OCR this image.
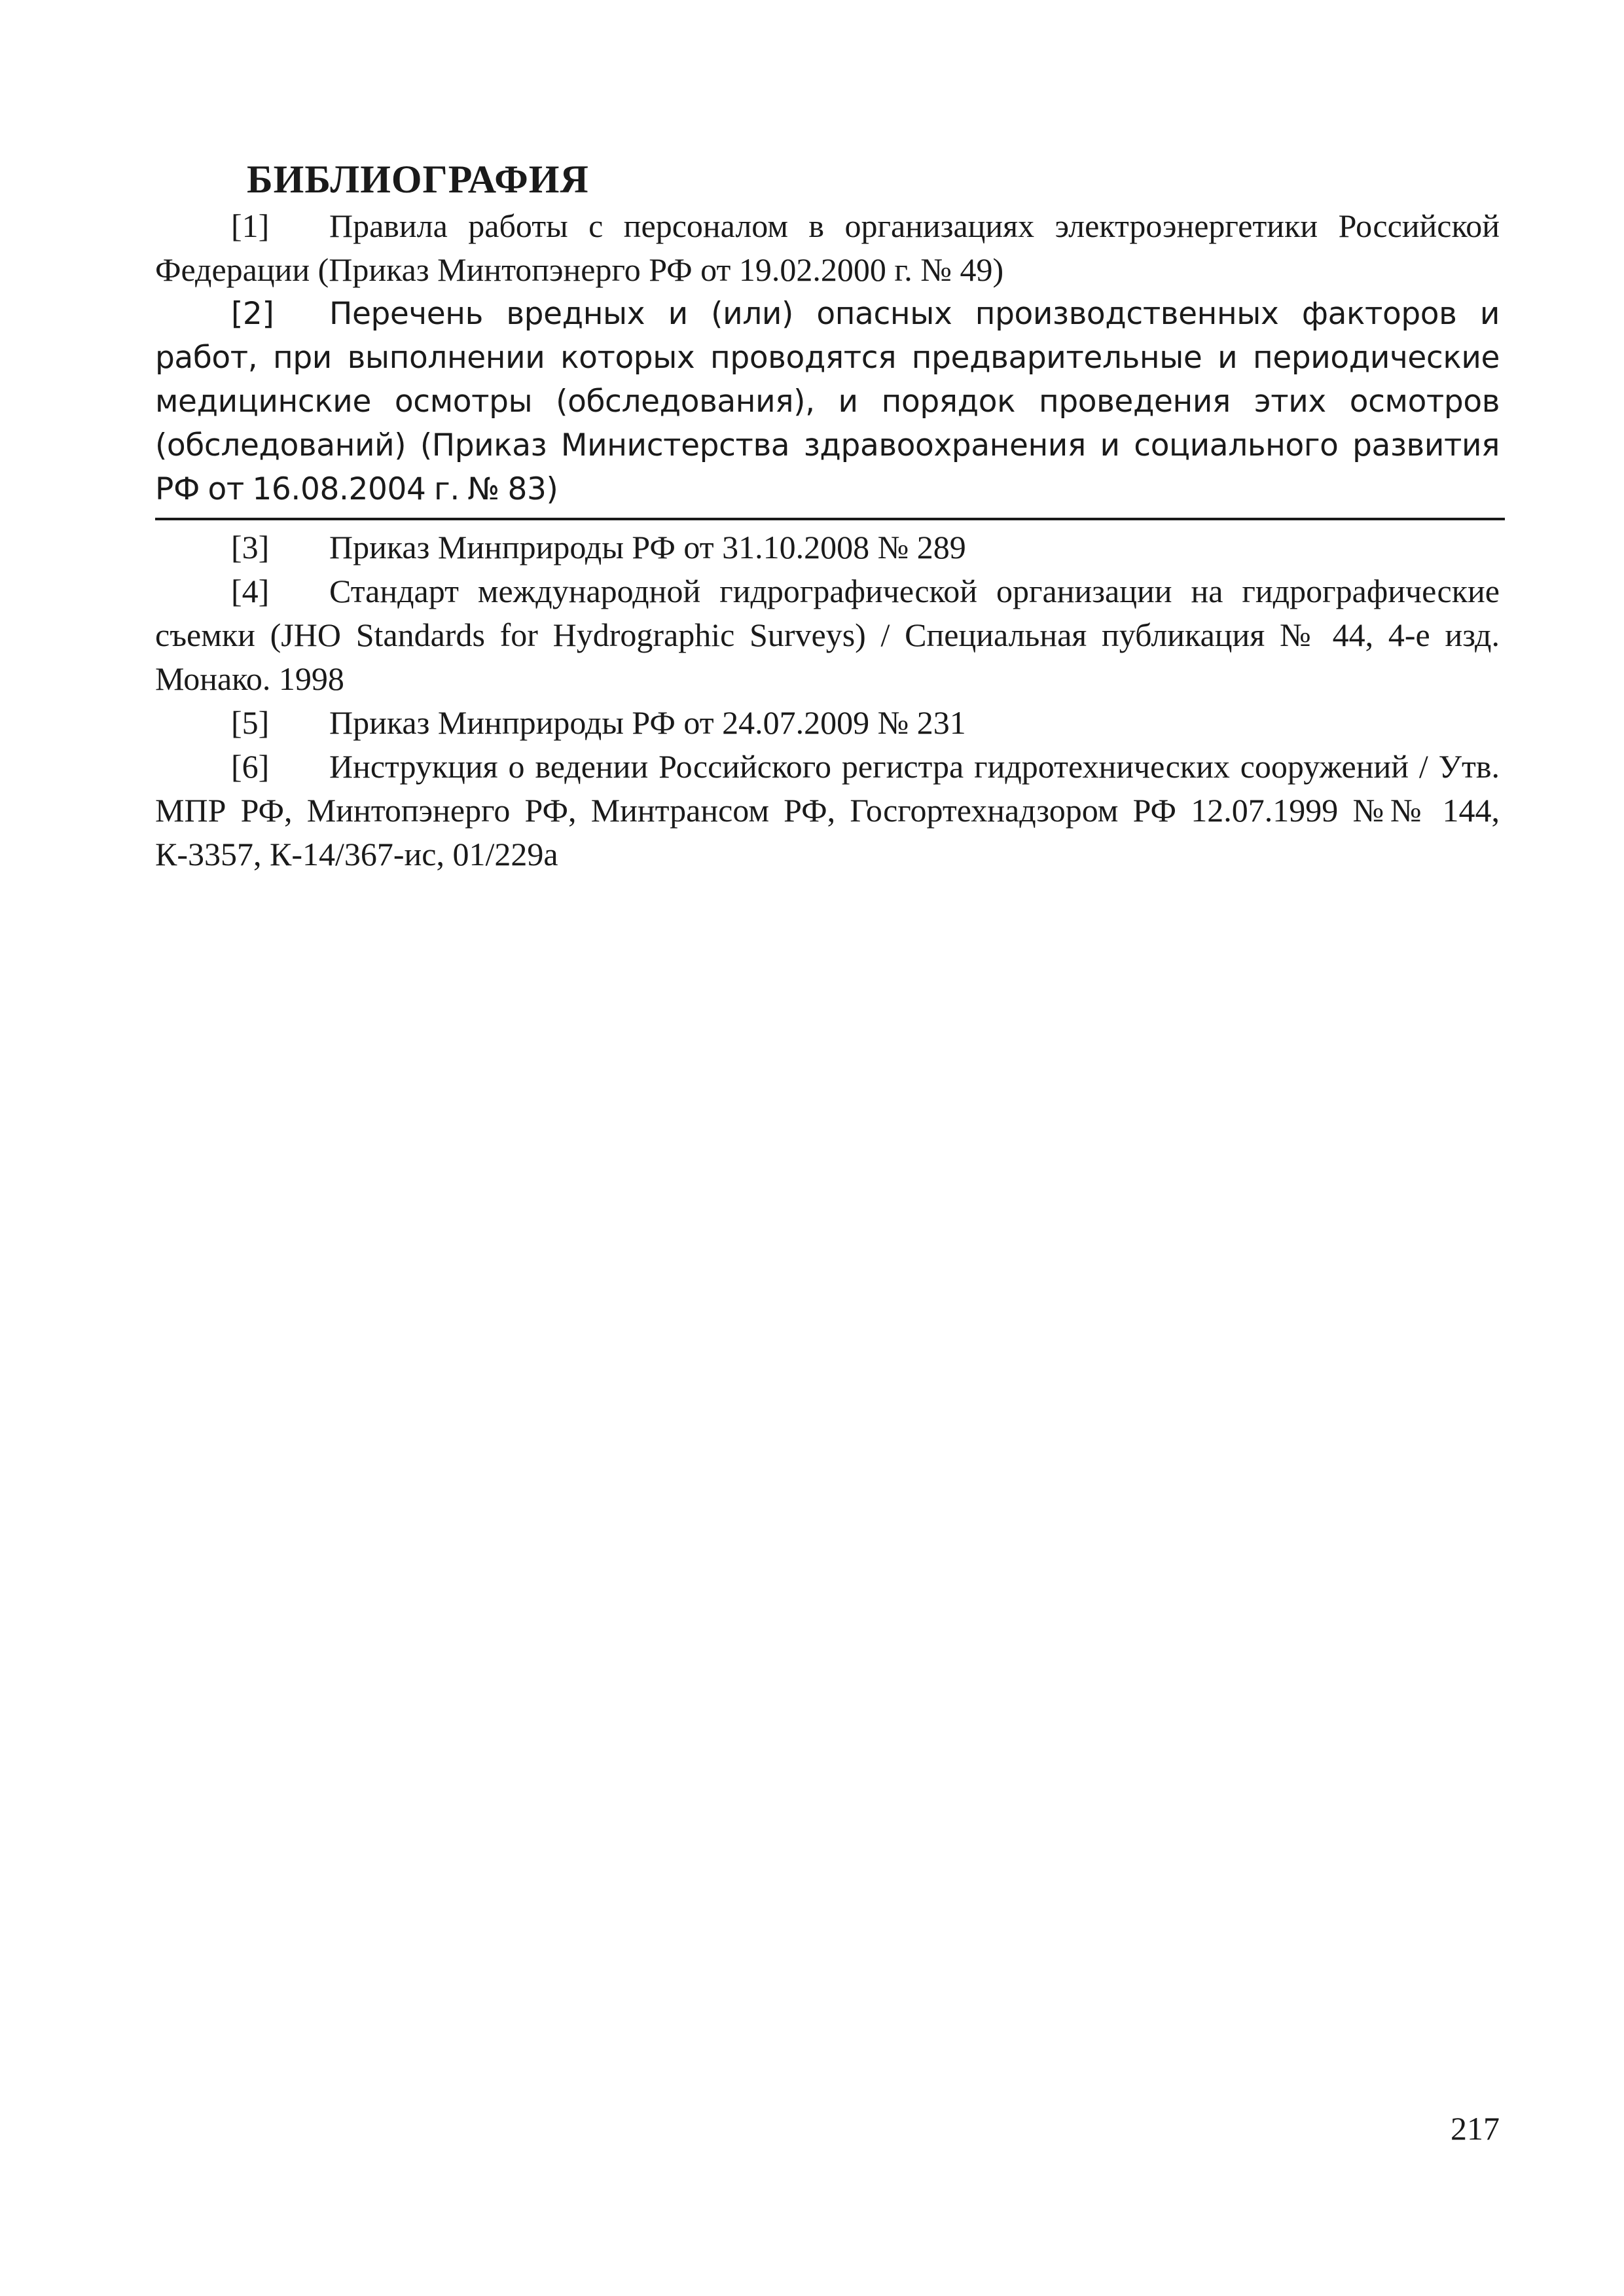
БИБЛИОГРАФИЯ

[1] Правила работы с персоналом в организациях электроэнергетики Российской Федерации (Приказ Минтопэнерго РФ от 19.02.2000 г. № 49)

[2] Перечень вредных и (или) опасных производственных факторов и работ, при выполнении которых проводятся предварительные и периодические медицинские осмотры (обследования), и порядок проведения этих осмотров (обследований) (Приказ Министерства здравоохранения и социального развития РФ от 16.08.2004 г. № 83)

[3] Приказ Минприроды РФ от 31.10.2008 № 289

[4] Стандарт международной гидрографической организации на гидрографические съемки (JHO Standards for Hydrographic Surveys) / Специальная публикация № 44, 4-е изд. Монако. 1998

[5] Приказ Минприроды РФ от 24.07.2009 № 231

[6] Инструкция о ведении Российского регистра гидротехнических сооружений / Утв. МПР РФ, Минтопэнерго РФ, Минтрансом РФ, Госгортехнадзором РФ 12.07.1999 №№ 144, К-3357, К-14/367-ис, 01/229а

217
